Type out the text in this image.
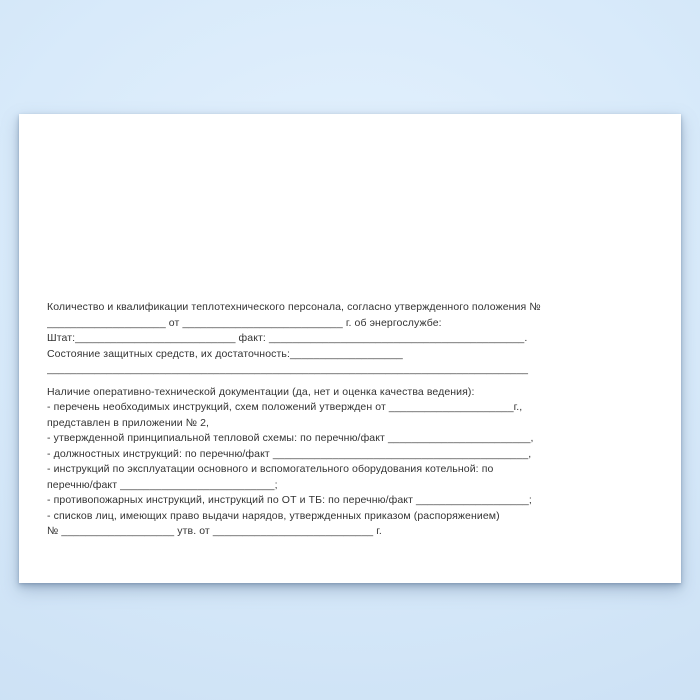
Количество и квалификации теплотехнического персонала, согласно утвержденного положения №
____________________ от ___________________________ г. об энергослужбе:
Штат:___________________________ факт: ___________________________________________.
Состояние защитных средств, их достаточность:___________________
_________________________________________________________________________________
Наличие оперативно-технической документации (да, нет и оценка качества ведения):
- перечень необходимых инструкций, схем положений утвержден от _____________________г.,
представлен в приложении № 2,
- утвержденной принципиальной тепловой схемы: по перечню/факт ________________________,
- должностных инструкций: по перечню/факт ___________________________________________,
- инструкций по эксплуатации основного и вспомогательного оборудования котельной: по
перечню/факт __________________________;
- противопожарных инструкций, инструкций по ОТ и ТБ: по перечню/факт ___________________;
- списков лиц, имеющих право выдачи нарядов, утвержденных приказом (распоряжением)
№ ___________________ утв. от ___________________________ г.
